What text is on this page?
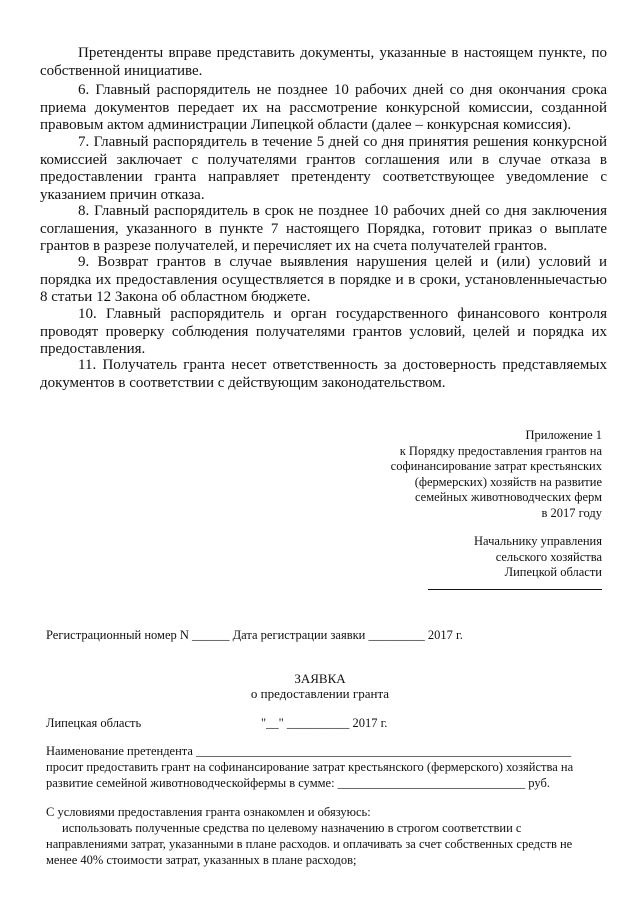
Претенденты вправе представить документы, указанные в настоящем пункте, по собственной инициативе.

6. Главный распорядитель не позднее 10 рабочих дней со дня окончания срока приема документов передает их на рассмотрение конкурсной комиссии, созданной правовым актом администрации Липецкой области (далее – конкурсная комиссия).

7. Главный распорядитель в течение 5 дней со дня принятия решения конкурсной комиссией заключает с получателями грантов соглашения или в случае отказа в предоставлении гранта направляет претенденту соответствующее уведомление с указанием причин отказа.

8. Главный распорядитель в срок не позднее 10 рабочих дней со дня заключения соглашения, указанного в пункте 7 настоящего Порядка, готовит приказ о выплате грантов в разрезе получателей, и перечисляет их на счета получателей грантов.

9. Возврат грантов в случае выявления нарушения целей и (или) условий и порядка их предоставления осуществляется в порядке и в сроки, установленныечастью 8 статьи 12 Закона об областном бюджете.

10. Главный распорядитель и орган государственного финансового контроля проводят проверку соблюдения получателями грантов условий, целей и порядка их предоставления.

11. Получатель гранта несет ответственность за достоверность представляемых документов в соответствии с действующим законодательством.

Приложение 1
к Порядку предоставления грантов на
софинансирование затрат крестьянских
(фермерских) хозяйств на развитие
семейных животноводческих ферм
в 2017 году
Начальнику управления
сельского хозяйства
Липецкой области
Регистрационный номер N ______ Дата регистрации заявки _________ 2017 г.
ЗАЯВКА
о предоставлении гранта
Липецкая область	"__" __________ 2017 г.
Наименование претендента ____________________________________________________________
просит предоставить грант на софинансирование затрат крестьянского (фермерского) хозяйства на
развитие семейной животноводческойфермы в сумме: ______________________________ руб.
С условиями предоставления гранта ознакомлен и обязуюсь:
использовать полученные средства по целевому назначению в строгом соответствии с
направлениями затрат, указанными в плане расходов. и оплачивать за счет собственных средств не
менее 40% стоимости затрат, указанных в плане расходов;
